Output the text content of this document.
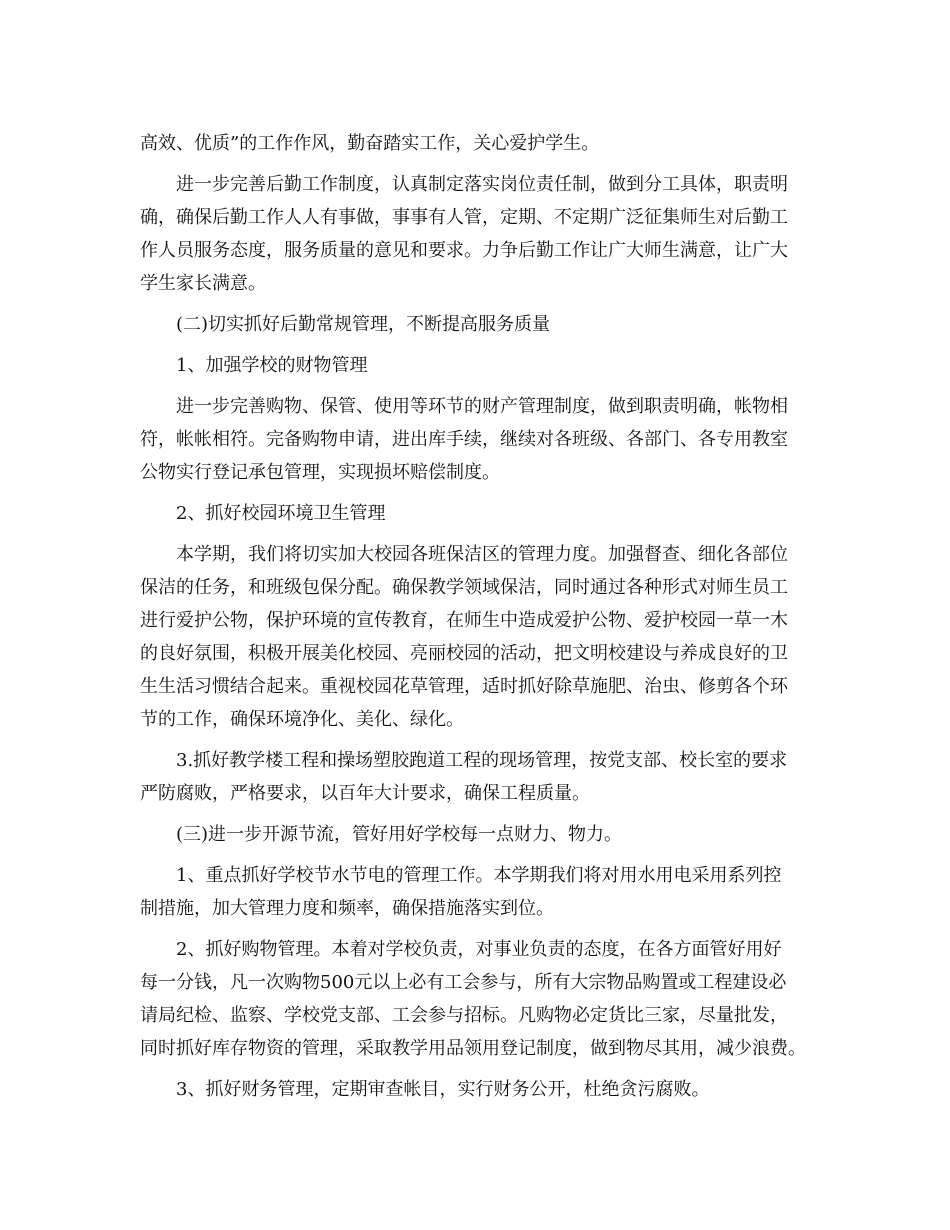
高效、优质”的工作作风，勤奋踏实工作，关心爱护学生。
进一步完善后勤工作制度，认真制定落实岗位责任制，做到分工具体，职责明
确，确保后勤工作人人有事做，事事有人管，定期、不定期广泛征集师生对后勤工
作人员服务态度，服务质量的意见和要求。力争后勤工作让广大师生满意，让广大
学生家长满意。
(二)切实抓好后勤常规管理，不断提高服务质量
1、加强学校的财物管理
进一步完善购物、保管、使用等环节的财产管理制度，做到职责明确，帐物相
符，帐帐相符。完备购物申请，进出库手续，继续对各班级、各部门、各专用教室
公物实行登记承包管理，实现损坏赔偿制度。
2、抓好校园环境卫生管理
本学期，我们将切实加大校园各班保洁区的管理力度。加强督查、细化各部位
保洁的任务，和班级包保分配。确保教学领域保洁，同时通过各种形式对师生员工
进行爱护公物，保护环境的宣传教育，在师生中造成爱护公物、爱护校园一草一木
的良好氛围，积极开展美化校园、亮丽校园的活动，把文明校建设与养成良好的卫
生生活习惯结合起来。重视校园花草管理，适时抓好除草施肥、治虫、修剪各个环
节的工作，确保环境净化、美化、绿化。
3.抓好教学楼工程和操场塑胶跑道工程的现场管理，按党支部、校长室的要求
严防腐败，严格要求，以百年大计要求，确保工程质量。
(三)进一步开源节流，管好用好学校每一点财力、物力。
1、重点抓好学校节水节电的管理工作。本学期我们将对用水用电采用系列控
制措施，加大管理力度和频率，确保措施落实到位。
2、抓好购物管理。本着对学校负责，对事业负责的态度，在各方面管好用好
每一分钱，凡一次购物500元以上必有工会参与，所有大宗物品购置或工程建设必
请局纪检、监察、学校党支部、工会参与招标。凡购物必定货比三家，尽量批发，
同时抓好库存物资的管理，采取教学用品领用登记制度，做到物尽其用，减少浪费。
3、抓好财务管理，定期审查帐目，实行财务公开，杜绝贪污腐败。
